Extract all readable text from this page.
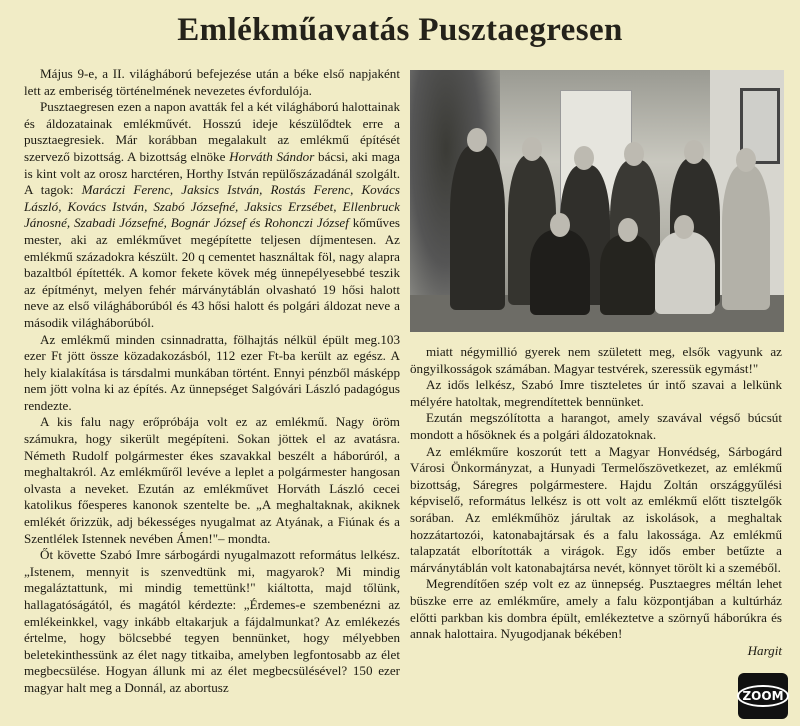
Emlékműavatás Pusztaegresen

Május 9-e, a II. világháború befejezése után a béke első napjaként lett az emberiség történelmének nevezetes évfordulója.

Pusztaegresen ezen a napon avatták fel a két világháború halottainak és áldozatainak emlékművét. Hosszú ideje készülődtek erre a pusztaegresiek. Már korábban megalakult az emlékmű építését szervező bizottság. A bizottság elnöke Horváth Sándor bácsi, aki maga is kint volt az orosz harctéren, Horthy István repülőszázadánál szolgált. A tagok: Maráczi Ferenc, Jaksics István, Rostás Ferenc, Kovács László, Kovács István, Szabó Józsefné, Jaksics Erzsébet, Ellenbruck Jánosné, Szabadi Józsefné, Bognár József és Rohonczi József kőműves mester, aki az emlékművet megépítette teljesen díjmentesen. Az emlékmű századokra készült. 20 q cementet használtak föl, nagy alapra bazaltból építették. A komor fekete kövek még ünnepélyesebbé teszik az építményt, melyen fehér márványtáblán olvasható 19 hősi halott neve az első világháborúból és 43 hősi halott és polgári áldozat neve a második világháborúból.

Az emlékmű minden csinnadratta, fölhajtás nélkül épült meg.103 ezer Ft jött össze közadakozásból, 112 ezer Ft-ba került az egész. A hely kialakítása is társdalmi munkában történt. Ennyi pénzből másképp nem jött volna ki az építés. Az ünnepséget Salgóvári László padagógus rendezte.

A kis falu nagy erőpróbája volt ez az emlékmű. Nagy öröm számukra, hogy sikerült megépíteni. Sokan jöttek el az avatásra. Németh Rudolf polgármester ékes szavakkal beszélt a háborúról, a meghaltakról. Az emlékműről levéve a leplet a polgármester hangosan olvasta a neveket. Ezután az emlékművet Horváth László cecei katolikus főesperes kanonok szentelte be. „A meghaltaknak, akiknek emlékét őrizzük, adj békességes nyugalmat az Atyának, a Fiúnak és a Szentlélek Istennek nevében Ámen!"– mondta.

Őt követte Szabó Imre sárbogárdi nyugalmazott református lelkész. „Istenem, mennyit is szenvedtünk mi, magyarok? Mi mindig megaláztattunk, mi mindig temettünk!" kiáltotta, majd tőlünk, hallagatóságától, és magától kérdezte: „Érdemes-e szembenézni az emlékeinkkel, vagy inkább eltakarjuk a fájdalmunkat? Az emlékezés értelme, hogy bölcsebbé tegyen bennünket, hogy mélyebben beletekinthessünk az élet nagy titkaiba, amelyben legfontosabb az élet megbecsülése. Hogyan állunk mi az élet megbecsülésével? 150 ezer magyar halt meg a Donnál, az abortusz

miatt négymillió gyerek nem született meg, elsők vagyunk az öngyilkosságok számában. Magyar testvérek, szeressük egymást!"

Az idős lelkész, Szabó Imre tiszteletes úr intő szavai a lelkünk mélyére hatoltak, megrendítettek bennünket.

Ezután megszólította a harangot, amely szavával végső búcsút mondott a hősöknek és a polgári áldozatoknak.

Az emlékműre koszorút tett a Magyar Honvédség, Sárbogárd Városi Önkormányzat, a Hunyadi Termelőszövetkezet, az emlékmű bizottság, Sáregres polgármestere. Hajdu Zoltán országgyűlési képviselő, református lelkész is ott volt az emlékmű előtt tisztelgők sorában. Az emlékműhöz járultak az iskolások, a meghaltak hozzátartozói, katonabajtársak és a falu lakossága. Az emlékmű talapzatát elborították a virágok. Egy idős ember betűzte a márványtáblán volt katonabajtársa nevét, könnyet törölt ki a szeméből.

Megrendítően szép volt ez az ünnepség. Pusztaegres méltán lehet büszke erre az emlékműre, amely a falu központjában a kultúrház előtti parkban kis dombra épült, emlékeztetve a szörnyű háborúkra és annak halottaira. Nyugodjanak békében!

Hargit

ZOOM
